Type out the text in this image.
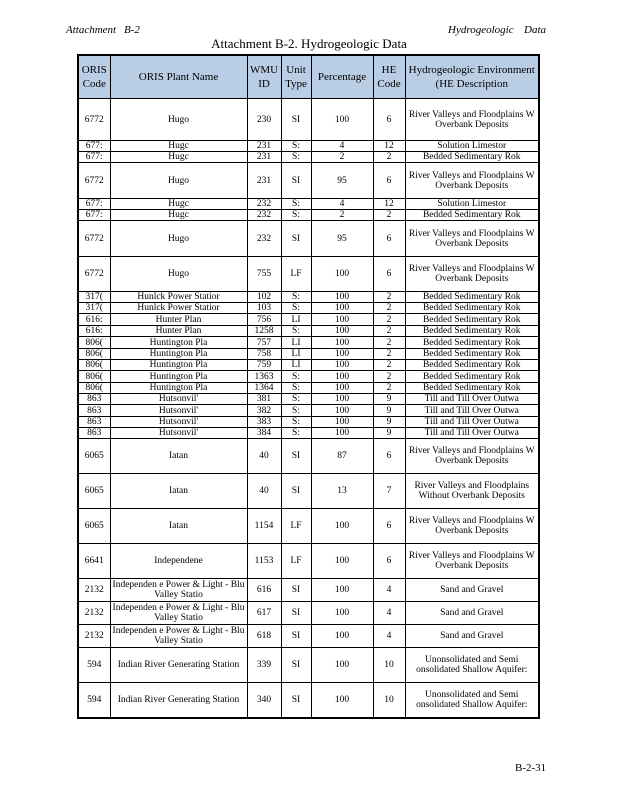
Attachment B-2	Hydrogeologic Data
Attachment B-2. Hydrogeologic Data
ORIS Code	ORIS Plant Name	WMU ID	Unit Type	Percentage	HE Code	Hydrogeologic Environment (HE Description
6772	Hugo	230	SI	100	6	River Valleys and Floodplains W Overbank Deposits
677:	Hugc	231	S:	4	12	Solution Limestor
677:	Hugc	231	S:	2	2	Bedded Sedimentary Rok
6772	Hugo	231	SI	95	6	River Valleys and Floodplains W Overbank Deposits
677:	Hugc	232	S:	4	12	Solution Limestor
677:	Hugc	232	S:	2	2	Bedded Sedimentary Rok
6772	Hugo	232	SI	95	6	River Valleys and Floodplains W Overbank Deposits
6772	Hugo	755	LF	100	6	River Valleys and Floodplains W Overbank Deposits
317(	Hunlck Power Statior	102	S:	100	2	Bedded Sedimentary Rok
317(	Hunlck Power Statior	103	S:	100	2	Bedded Sedimentary Rok
616:	Hunter Plan	756	LI	100	2	Bedded Sedimentary Rok
616:	Hunter Plan	1258	S:	100	2	Bedded Sedimentary Rok
806(	Huntington Pla	757	LI	100	2	Bedded Sedimentary Rok
806(	Huntington Pla	758	LI	100	2	Bedded Sedimentary Rok
806(	Huntington Pla	759	LI	100	2	Bedded Sedimentary Rok
806(	Huntington Pla	1363	S:	100	2	Bedded Sedimentary Rok
806(	Huntington Pla	1364	S:	100	2	Bedded Sedimentary Rok
863	Hutsonvil'	381	S:	100	9	Till and Till Over Outwa
863	Hutsonvil'	382	S:	100	9	Till and Till Over Outwa
863	Hutsonvil'	383	S:	100	9	Till and Till Over Outwa
863	Hutsonvil'	384	S:	100	9	Till and Till Over Outwa
6065	Iatan	40	SI	87	6	River Valleys and Floodplains W Overbank Deposits
6065	Iatan	40	SI	13	7	River Valleys and Floodplains Without Overbank Deposits
6065	Iatan	1154	LF	100	6	River Valleys and Floodplains W Overbank Deposits
6641	Independene	1153	LF	100	6	River Valleys and Floodplains W Overbank Deposits
2132	Independen e Power & Light - Blu Valley Statio	616	SI	100	4	Sand and Gravel
2132	Independen e Power & Light - Blu Valley Statio	617	SI	100	4	Sand and Gravel
2132	Independen e Power & Light - Blu Valley Statio	618	SI	100	4	Sand and Gravel
594	Indian River Generating Station	339	SI	100	10	Unonsolidated and Semi onsolidated Shallow Aquifer:
594	Indian River Generating Station	340	SI	100	10	Unonsolidated and Semi onsolidated Shallow Aquifer:
B-2-31
